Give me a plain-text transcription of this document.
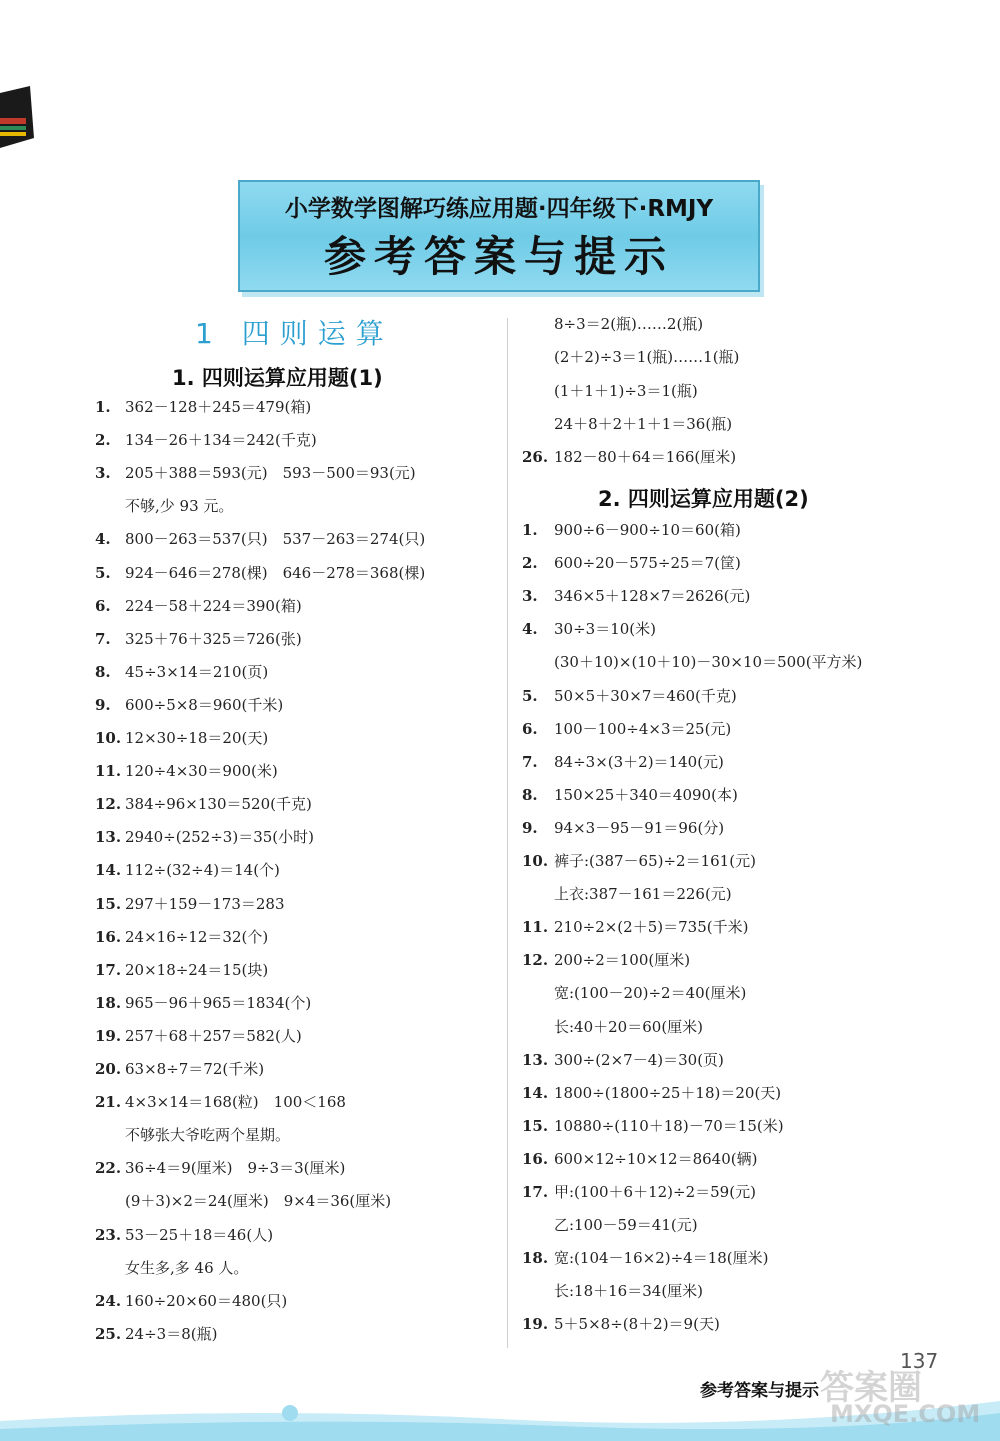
小学数学图解巧练应用题·四年级下·RMJY
参考答案与提示
1 四则运算
1. 四则运算应用题(1)
1. 362－128＋245＝479(箱)
2. 134－26＋134＝242(千克)
3. 205＋388＝593(元)　593－500＝93(元)
不够,少 93 元。
4. 800－263＝537(只)　537－263＝274(只)
5. 924－646＝278(棵)　646－278＝368(棵)
6. 224－58＋224＝390(箱)
7. 325＋76＋325＝726(张)
8. 45÷3×14＝210(页)
9. 600÷5×8＝960(千米)
10. 12×30÷18＝20(天)
11. 120÷4×30＝900(米)
12. 384÷96×130＝520(千克)
13. 2940÷(252÷3)＝35(小时)
14. 112÷(32÷4)＝14(个)
15. 297＋159－173＝283
16. 24×16÷12＝32(个)
17. 20×18÷24＝15(块)
18. 965－96＋965＝1834(个)
19. 257＋68＋257＝582(人)
20. 63×8÷7＝72(千米)
21. 4×3×14＝168(粒)　100＜168
不够张大爷吃两个星期。
22. 36÷4＝9(厘米)　9÷3＝3(厘米)
(9＋3)×2＝24(厘米)　9×4＝36(厘米)
23. 53－25＋18＝46(人)
女生多,多 46 人。
24. 160÷20×60＝480(只)
25. 24÷3＝8(瓶)
2. 四则运算应用题(2)
8÷3＝2(瓶)……2(瓶)
(2＋2)÷3＝1(瓶)……1(瓶)
(1＋1＋1)÷3＝1(瓶)
24＋8＋2＋1＋1＝36(瓶)
26. 182－80＋64＝166(厘米)
1. 900÷6－900÷10＝60(箱)
2. 600÷20－575÷25＝7(筐)
3. 346×5＋128×7＝2626(元)
4. 30÷3＝10(米)
(30＋10)×(10＋10)－30×10＝500(平方米)
5. 50×5＋30×7＝460(千克)
6. 100－100÷4×3＝25(元)
7. 84÷3×(3＋2)＝140(元)
8. 150×25＋340＝4090(本)
9. 94×3－95－91＝96(分)
10. 裤子:(387－65)÷2＝161(元)
上衣:387－161＝226(元)
11. 210÷2×(2＋5)＝735(千米)
12. 200÷2＝100(厘米)
宽:(100－20)÷2＝40(厘米)
长:40＋20＝60(厘米)
13. 300÷(2×7－4)＝30(页)
14. 1800÷(1800÷25＋18)＝20(天)
15. 10880÷(110＋18)－70＝15(米)
16. 600×12÷10×12＝8640(辆)
17. 甲:(100＋6＋12)÷2＝59(元)
乙:100－59＝41(元)
18. 宽:(104－16×2)÷4＝18(厘米)
长:18＋16＝34(厘米)
19. 5＋5×8÷(8＋2)＝9(天)
137
参考答案与提示 答案圈
MXQE.COM
